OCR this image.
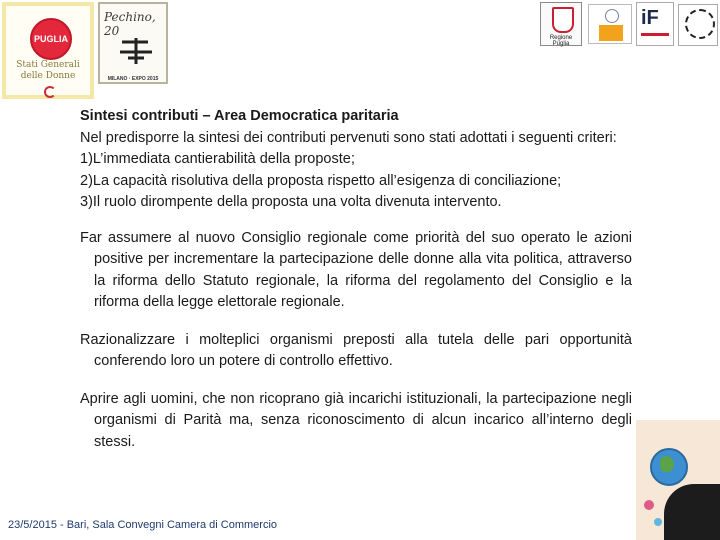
PUGLIA
Stati Generali
delle Donne
Pechino, 20
MILANO · EXPO 2015
Regione Puglia
iF

Sintesi contributi – Area Democratica paritaria

Nel predisporre la sintesi dei contributi pervenuti sono stati adottati i seguenti criteri:

1)L’immediata cantierabilità della proposte;

2)La capacità risolutiva della proposta rispetto all’esigenza di conciliazione;

3)Il ruolo dirompente della proposta una volta divenuta intervento.

Far assumere al nuovo Consiglio regionale come priorità del suo operato le azioni positive per incrementare la partecipazione delle donne alla vita politica, attraverso la riforma dello Statuto regionale, la riforma del regolamento del Consiglio e la riforma della legge elettorale regionale.

Razionalizzare i molteplici organismi preposti alla tutela delle pari opportunità conferendo loro un potere di controllo effettivo.

Aprire agli uomini, che non ricoprano già incarichi istituzionali, la partecipazione negli organismi di Parità ma, senza riconoscimento di alcun incarico all’interno degli stessi.

23/5/2015 - Bari, Sala Convegni Camera di Commercio
